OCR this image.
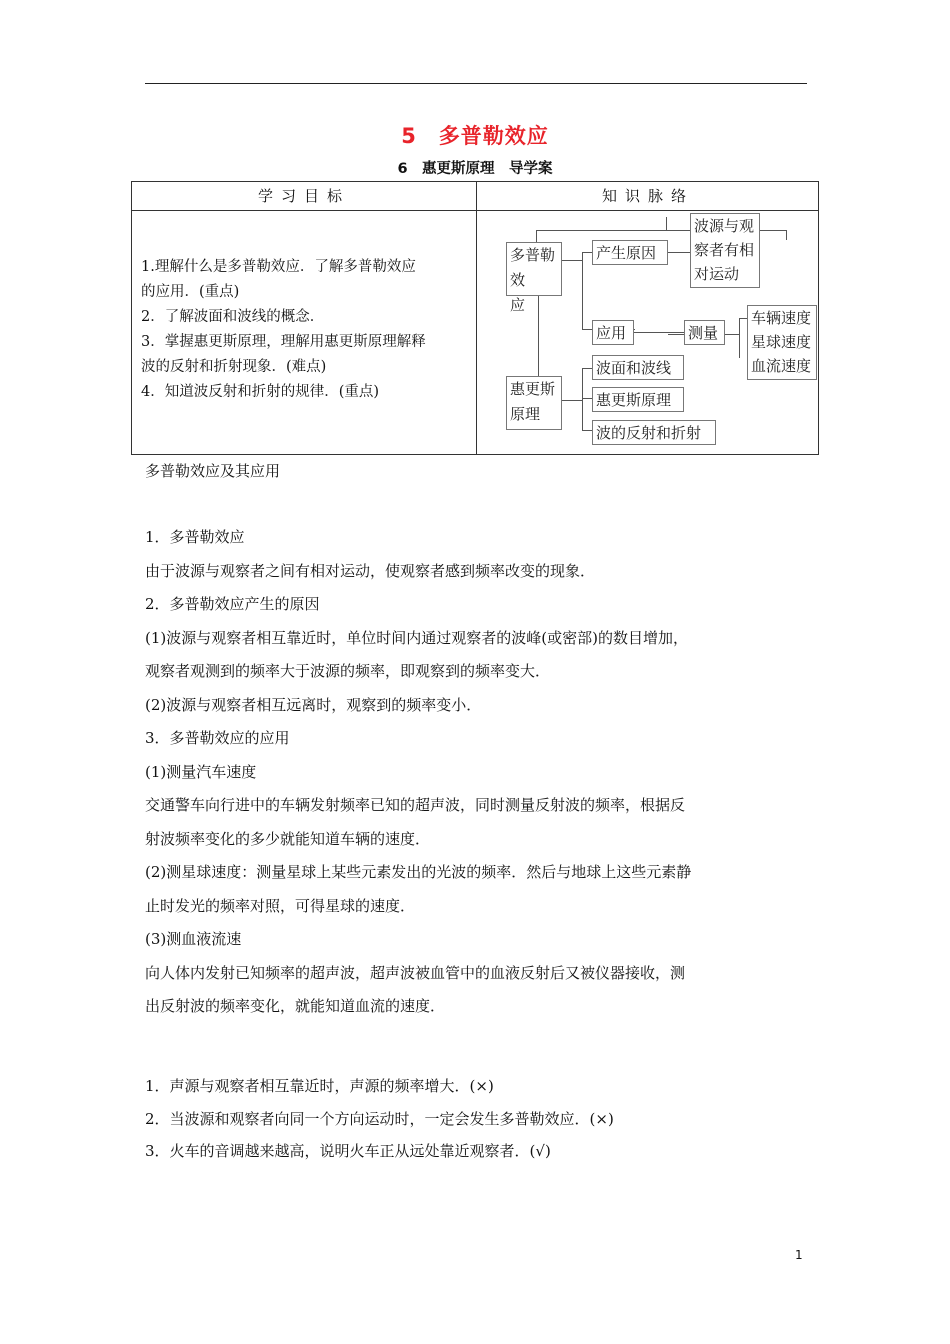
5　多普勒效应
6　惠更斯原理　导学案
学习目标	知识脉络
1.理解什么是多普勒效应．了解多普勒效应
的应用．(重点)
2．了解波面和波线的概念．
3．掌握惠更斯原理，理解用惠更斯原理解释
波的反射和折射现象．(难点)
4．知道波反射和折射的规律．(重点)
多普勒效
应
产生原因
波源与观
察者有相
对运动
应用	测量
车辆速度
星球速度
血流速度
惠更斯
原理
波面和波线
惠更斯原理
波的反射和折射
多普勒效应及其应用

1．多普勒效应

由于波源与观察者之间有相对运动，使观察者感到频率改变的现象．

2．多普勒效应产生的原因

(1)波源与观察者相互靠近时，单位时间内通过观察者的波峰(或密部)的数目增加，

观察者观测到的频率大于波源的频率，即观察到的频率变大．

(2)波源与观察者相互远离时，观察到的频率变小．

3．多普勒效应的应用

(1)测量汽车速度

交通警车向行进中的车辆发射频率已知的超声波，同时测量反射波的频率，根据反

射波频率变化的多少就能知道车辆的速度．

(2)测星球速度：测量星球上某些元素发出的光波的频率．然后与地球上这些元素静

止时发光的频率对照，可得星球的速度．

(3)测血液流速

向人体内发射已知频率的超声波，超声波被血管中的血液反射后又被仪器接收，测

出反射波的频率变化，就能知道血流的速度．

1．声源与观察者相互靠近时，声源的频率增大．(×)

2．当波源和观察者向同一个方向运动时，一定会发生多普勒效应．(×)

3．火车的音调越来越高，说明火车正从远处靠近观察者．(√)

1
